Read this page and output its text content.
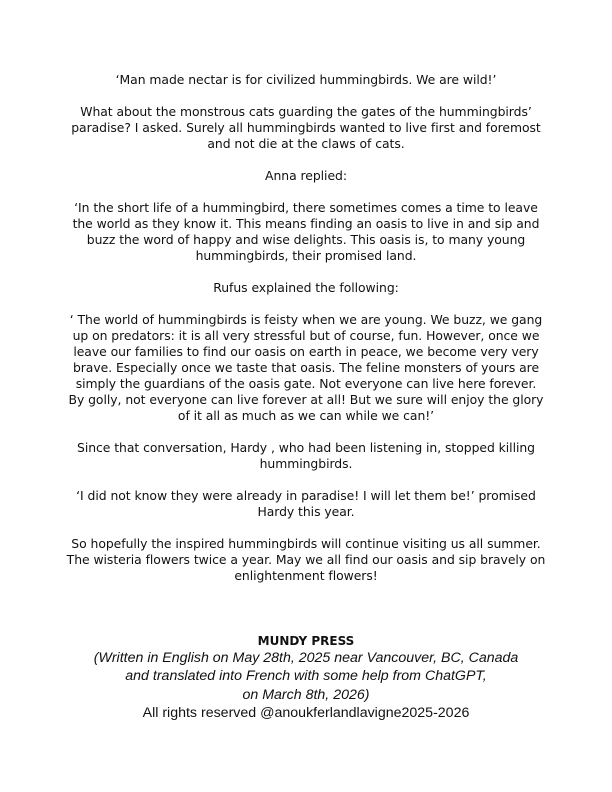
‘Man made nectar is for civilized hummingbirds. We are wild!’

What about the monstrous cats guarding the gates of the hummingbirds’ paradise? I asked. Surely all hummingbirds wanted to live first and foremost and not die at the claws of cats.

Anna replied:

‘In the short life of a hummingbird, there sometimes comes a time to leave the world as they know it. This means finding an oasis to live in and sip and buzz the word of happy and wise delights. This oasis is, to many young hummingbirds, their promised land.

Rufus explained the following:

‘ The world of hummingbirds is feisty when we are young. We buzz, we gang up on predators: it is all very stressful but of course, fun. However, once we leave our families to find our oasis on earth in peace, we become very very brave. Especially once we taste that oasis. The feline monsters of yours are simply the guardians of the oasis gate. Not everyone can live here forever. By golly, not everyone can live forever at all! But we sure will enjoy the glory of it all as much as we can while we can!’

Since that conversation, Hardy , who had been listening in, stopped killing hummingbirds.

‘I did not know they were already in paradise! I will let them be!’ promised Hardy this year.

So hopefully the inspired hummingbirds will continue visiting us all summer. The wisteria flowers twice a year. May we all find our oasis and sip bravely on enlightenment flowers!

MUNDY PRESS

(Written in English on May 28th, 2025 near Vancouver, BC, Canada

and translated into French with some help from ChatGPT,

on March 8th, 2026)

All rights reserved @anoukferlandlavigne2025-2026
